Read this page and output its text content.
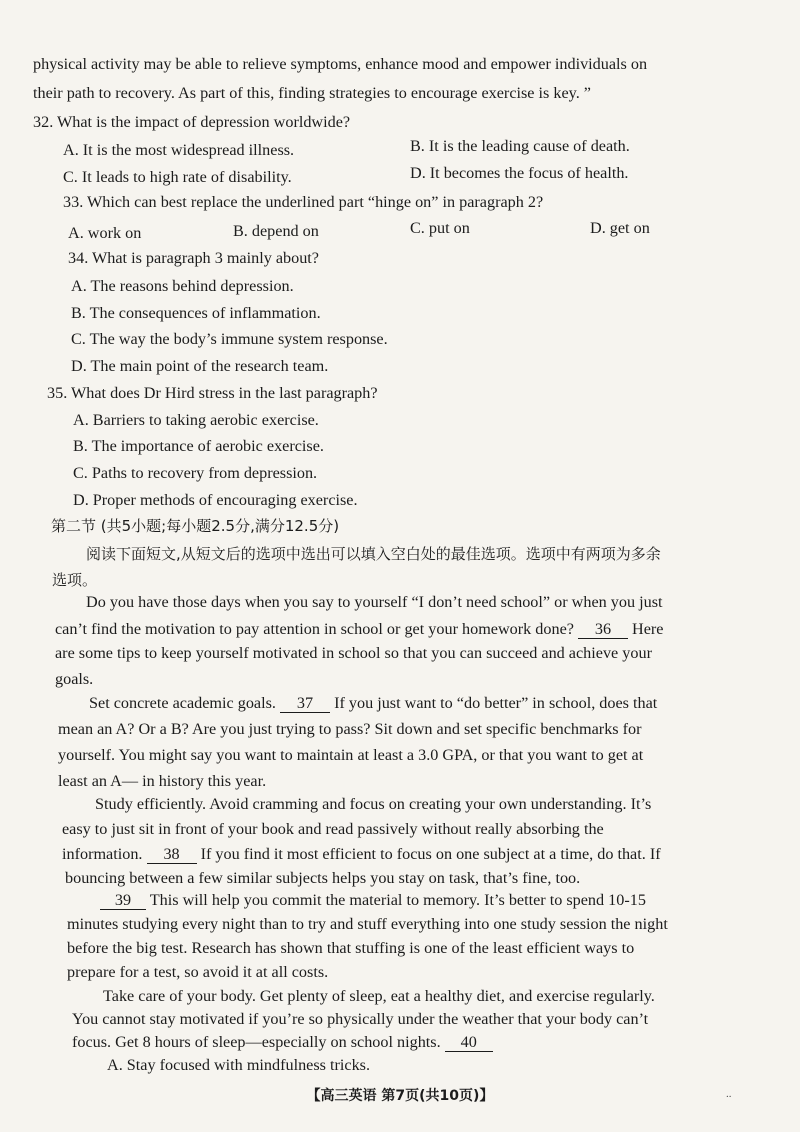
physical activity may be able to relieve symptoms, enhance mood and empower individuals on
their path to recovery. As part of this, finding strategies to encourage exercise is key. ”
32. What is the impact of depression worldwide?
A. It is the most widespread illness.	B. It is the leading cause of death.
C. It leads to high rate of disability.	D. It becomes the focus of health.
33. Which can best replace the underlined part “hinge on” in paragraph 2?
A. work on	B. depend on	C. put on	D. get on
34. What is paragraph 3 mainly about?
A. The reasons behind depression.
B. The consequences of inflammation.
C. The way the body’s immune system response.
D. The main point of the research team.
35. What does Dr Hird stress in the last paragraph?
A. Barriers to taking aerobic exercise.
B. The importance of aerobic exercise.
C. Paths to recovery from depression.
D. Proper methods of encouraging exercise.
第二节 (共5小题;每小题2.5分,满分12.5分)
阅读下面短文,从短文后的选项中选出可以填入空白处的最佳选项。选项中有两项为多余
选项。
Do you have those days when you say to yourself “I don’t need school” or when you just
can’t find the motivation to pay attention in school or get your homework done? 36 Here
are some tips to keep yourself motivated in school so that you can succeed and achieve your
goals.
Set concrete academic goals. 37 If you just want to “do better” in school, does that
mean an A? Or a B? Are you just trying to pass? Sit down and set specific benchmarks for
yourself. You might say you want to maintain at least a 3.0 GPA, or that you want to get at
least an A— in history this year.
Study efficiently. Avoid cramming and focus on creating your own understanding. It’s
easy to just sit in front of your book and read passively without really absorbing the
information. 38 If you find it most efficient to focus on one subject at a time, do that. If
bouncing between a few similar subjects helps you stay on task, that’s fine, too.
39 This will help you commit the material to memory. It’s better to spend 10-15
minutes studying every night than to try and stuff everything into one study session the night
before the big test. Research has shown that stuffing is one of the least efficient ways to
prepare for a test, so avoid it at all costs.
Take care of your body. Get plenty of sleep, eat a healthy diet, and exercise regularly.
You cannot stay motivated if you’re so physically under the weather that your body can’t
focus. Get 8 hours of sleep—especially on school nights. 40
A. Stay focused with mindfulness tricks.
【高三英语 第7页(共10页)】	..
